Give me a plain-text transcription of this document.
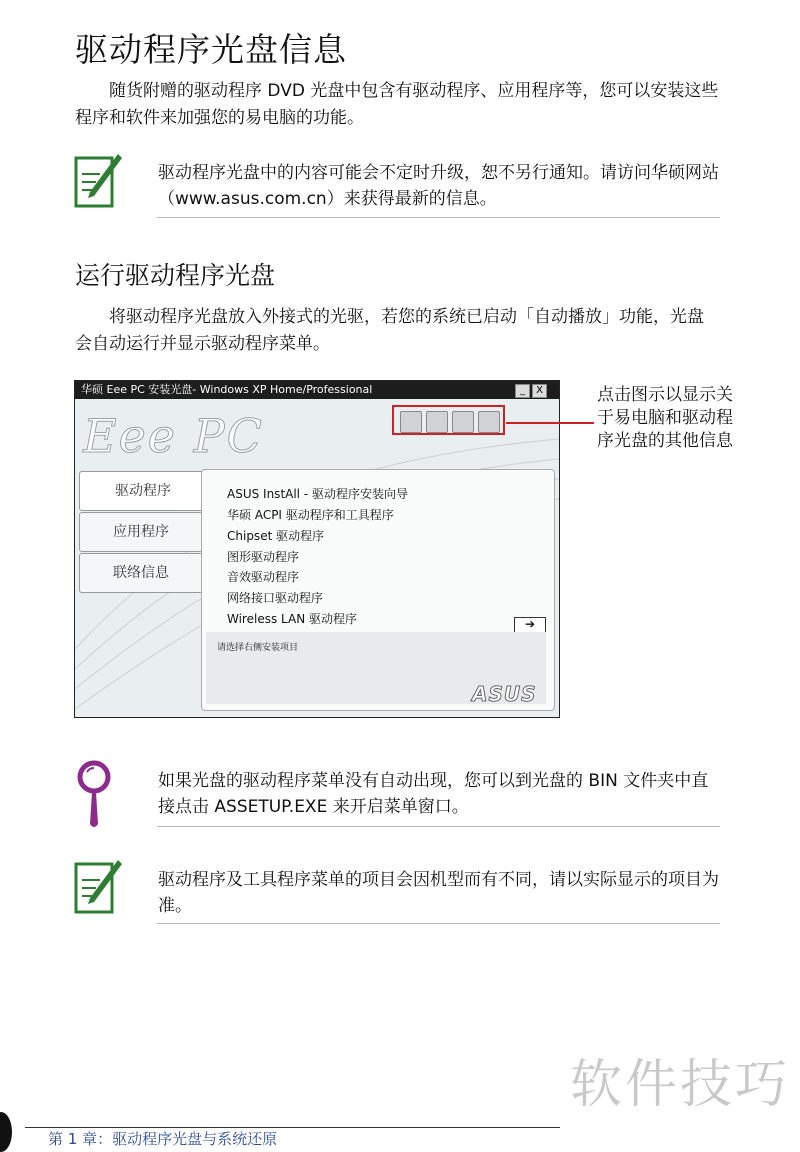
驱动程序光盘信息

随货附赠的驱动程序 DVD 光盘中包含有驱动程序、应用程序等，您可以安装这些程序和软件来加强您的易电脑的功能。

驱动程序光盘中的内容可能会不定时升级，恕不另行通知。请访问华硕网站（www.asus.com.cn）来获得最新的信息。
运行驱动程序光盘

将驱动程序光盘放入外接式的光驱，若您的系统已启动「自动播放」功能，光盘会自动运行并显示驱动程序菜单。

华硕 Eee PC 安装光盘- Windows XP Home/Professional	_	X
Eee PC
驱动程序
应用程序
联络信息
ASUS InstAll - 驱动程序安装向导
华硕 ACPI 驱动程序和工具程序
Chipset 驱动程序
图形驱动程序
音效驱动程序
网络接口驱动程序
Wireless LAN 驱动程序	➔
请选择右侧安装项目
ASUS
点击图示以显示关于易电脑和驱动程序光盘的其他信息
如果光盘的驱动程序菜单没有自动出现，您可以到光盘的 BIN 文件夹中直接点击 ASSETUP.EXE 来开启菜单窗口。
驱动程序及工具程序菜单的项目会因机型而有不同，请以实际显示的项目为准。
软件技巧
第 1 章：驱动程序光盘与系统还原
